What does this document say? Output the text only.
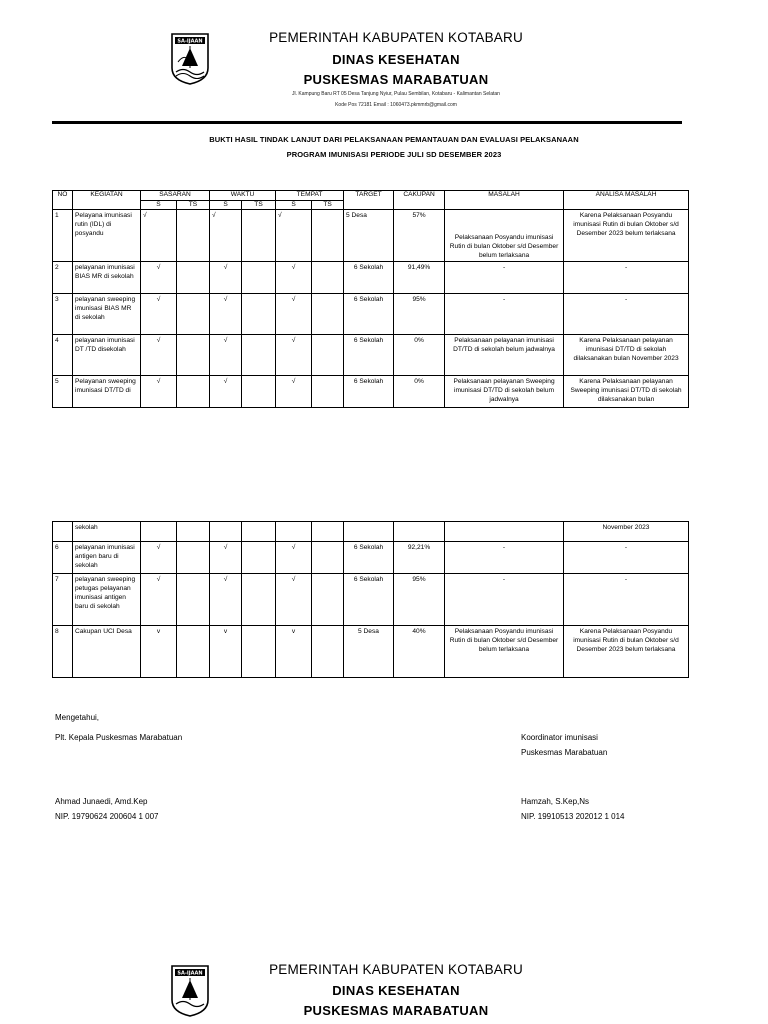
SA-IJAAN	PEMERINTAH KABUPATEN KOTABARU
DINAS KESEHATAN
PUSKESMAS MARABATUAN
Jl. Kampung Baru RT 05 Desa Tanjung Nyiur, Pulau Sembilan, Kotabaru - Kalimantan Selatan
Kode Pos 72181 Email : 1060473.pkmmrb@gmail.com
BUKTI HASIL TINDAK LANJUT DARI PELAKSANAAN PEMANTAUAN DAN EVALUASI PELAKSANAAN
PROGRAM IMUNISASI PERIODE JULI SD DESEMBER 2023
NO	KEGIATAN	SASARAN		WAKTU		TEMPAT		TARGET	CAKUPAN	MASALAH	ANALISA MASALAH
		S	TS	S	TS	S	TS				
1	Pelayana imunisasi rutin (IDL) di posyandu	√		√		√		5 Desa	57%	Pelaksanaan Posyandu imunisasi Rutin di bulan Oktober s/d Desember belum terlaksana	Karena Pelaksanaan Posyandu imunisasi Rutin di bulan Oktober s/d Desember 2023 belum terlaksana
2	pelayanan imunisasi BIAS MR di sekolah	√		√		√		6 Sekolah	91,49%	-	-
3	pelayanan sweeping imunisasi BIAS MR di sekolah	√		√		√		6 Sekolah	95%	-	-
4	pelayanan imunisasi DT /TD disekolah	√		√		√		6 Sekolah	0%	Pelaksanaan pelayanan imunisasi DT/TD di sekolah belum jadwalnya	Karena Pelaksanaan pelayanan imunisasi DT/TD di sekolah dilaksanakan bulan November 2023
5	Pelayanan sweeping imunisasi DT/TD di	√		√		√		6 Sekolah	0%	Pelaksanaan pelayanan Sweeping imunisasi DT/TD di sekolah belum jadwalnya	Karena Pelaksanaan pelayanan Sweeping imunisasi DT/TD di sekolah dilaksanakan bulan
	sekolah										November 2023
6	pelayanan imunisasi antigen baru di sekolah	√		√		√		6 Sekolah	92,21%	-	-
7	pelayanan sweeping petugas pelayanan imunisasi antigen baru di sekolah	√		√		√		6 Sekolah	95%	-	-
8	Cakupan UCI Desa	v		v		v		5 Desa	40%	Pelaksanaan Posyandu imunisasi Rutin di bulan Oktober s/d Desember belum terlaksana	Karena Pelaksanaan Posyandu imunisasi Rutin di bulan Oktober s/d Desember 2023 belum terlaksana
Mengetahui,
Plt. Kepala Puskesmas Marabatuan
Ahmad Junaedi, Amd.Kep
NIP. 19790624 200604 1 007
Koordinator imunisasi
Puskesmas Marabatuan
Hamzah, S.Kep,Ns
NIP. 19910513 202012 1 014
SA-IJAAN	PEMERINTAH KABUPATEN KOTABARU
DINAS KESEHATAN
PUSKESMAS MARABATUAN
